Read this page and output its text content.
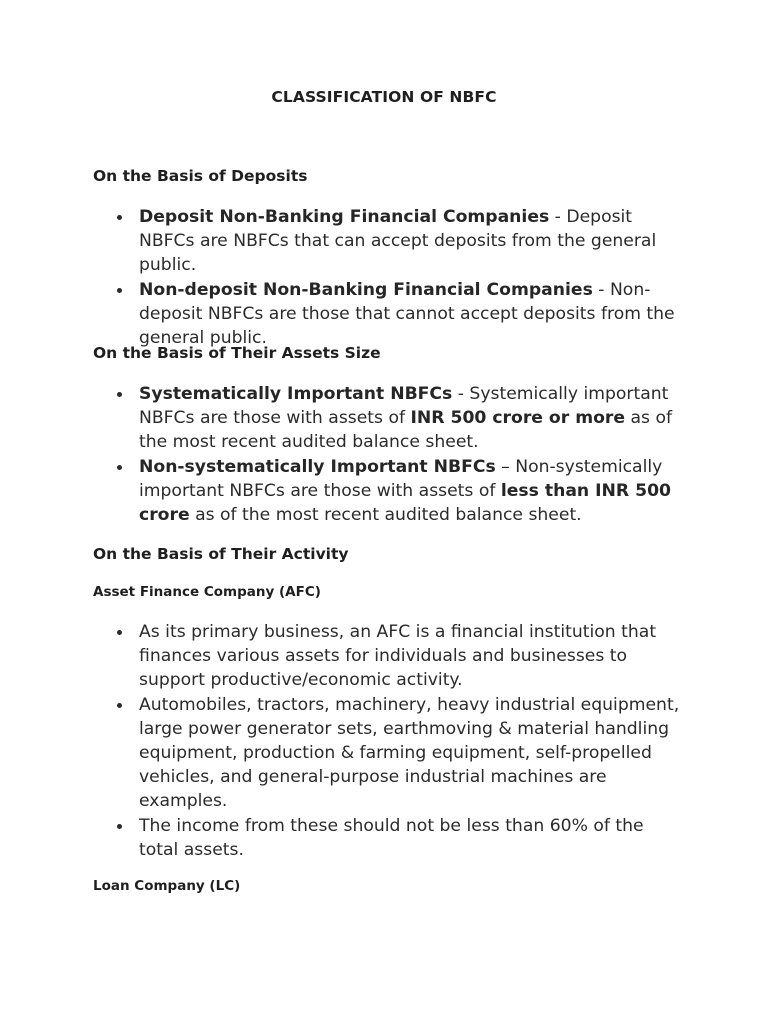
CLASSIFICATION OF NBFC
On the Basis of Deposits
Deposit Non-Banking Financial Companies - Deposit NBFCs are NBFCs that can accept deposits from the general public.
Non-deposit Non-Banking Financial Companies - Non-deposit NBFCs are those that cannot accept deposits from the general public.
On the Basis of Their Assets Size
Systematically Important NBFCs - Systemically important NBFCs are those with assets of INR 500 crore or more as of the most recent audited balance sheet.
Non-systematically Important NBFCs – Non-systemically important NBFCs are those with assets of less than INR 500 crore as of the most recent audited balance sheet.
On the Basis of Their Activity
Asset Finance Company (AFC)
As its primary business, an AFC is a financial institution that finances various assets for individuals and businesses to support productive/economic activity.
Automobiles, tractors, machinery, heavy industrial equipment, large power generator sets, earthmoving & material handling equipment, production & farming equipment, self-propelled vehicles, and general-purpose industrial machines are examples.
The income from these should not be less than 60% of the total assets.
Loan Company (LC)
